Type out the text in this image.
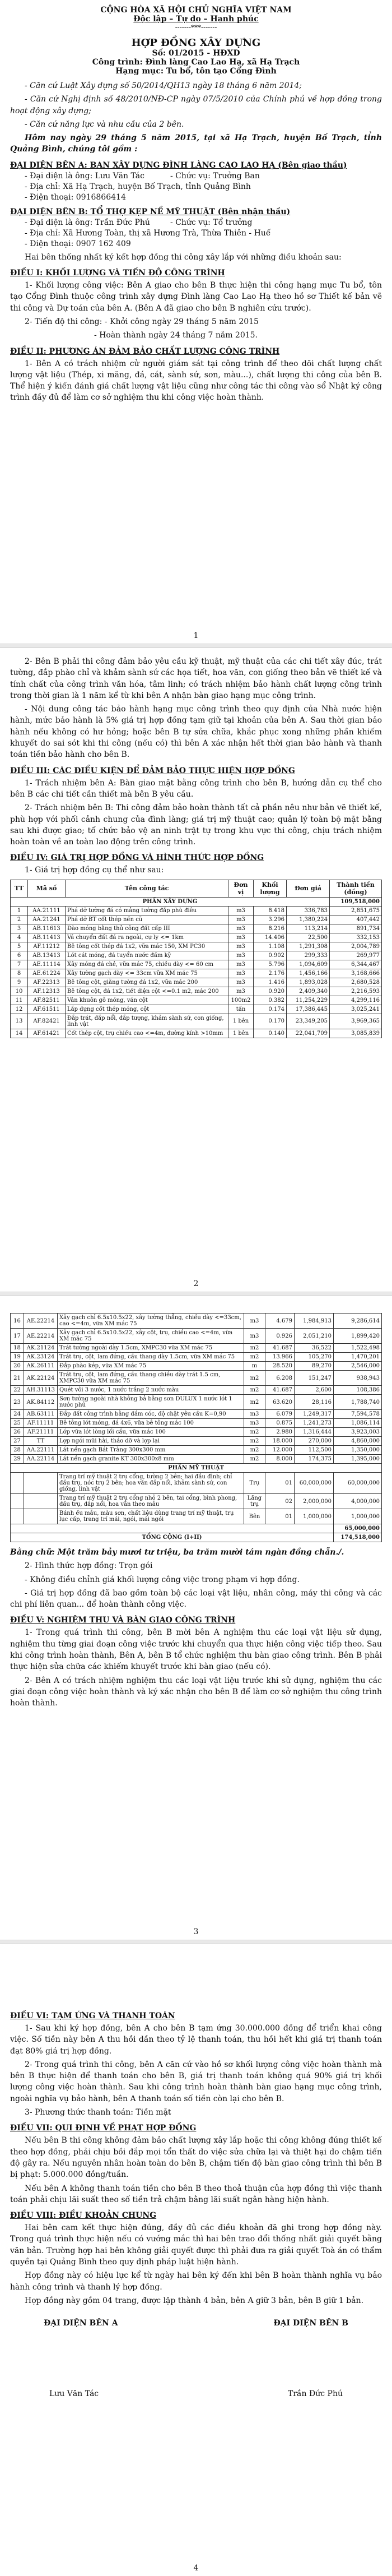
CỘNG HÒA XÃ HỘI CHỦ NGHĨA VIỆT NAM

Độc lập – Tự do – Hạnh phúc

-------***-------

HỢP ĐỒNG XÂY DỰNG

Số: 01/2015 - HĐXD

Công trình: Đình làng Cao Lao Hạ, xã Hạ Trạch

Hạng mục: Tu bổ, tôn tạo Cổng Đình

- Căn cứ Luật Xây dựng số 50/2014/QH13 ngày 18 tháng 6 năm 2014;

- Căn cứ Nghị định số 48/2010/NĐ-CP ngày 07/5/2010 của Chính phủ về hợp đồng trong hoạt động xây dựng;

- Căn cứ năng lực và nhu cầu của 2 bên.

Hôm nay ngày 29 tháng 5 năm 2015, tại xã Hạ Trạch, huyện Bố Trạch, tỉnh Quảng Bình, chúng tôi gồm :

ĐẠI DIỆN BÊN A: BAN XÂY DỰNG ĐÌNH LÀNG CAO LAO HẠ (Bên giao thầu)

- Đại diện là ông: Lưu Văn Tác	- Chức vụ: Trưởng Ban

- Địa chỉ: Xã Hạ Trạch, huyện Bố Trạch, tỉnh Quảng Bình

- Điện thoại: 0916866414

ĐẠI DIỆN BÊN B: TỔ THỢ KẸP NỀ MỸ THUẬT (Bên nhận thầu)

- Đại diện là ông: Trần Đức Phú	- Chức vụ: Tổ trưởng

- Địa chỉ: Xã Hương Toàn, thị xã Hương Trà, Thừa Thiên - Huế

- Điện thoại: 0907 162 409

Hai bên thống nhất ký kết hợp đồng thi công xây lắp với những điều khoản sau:

ĐIỀU I: KHỐI LƯỢNG VÀ TIẾN ĐỘ CÔNG TRÌNH

1- Khối lượng công việc: Bên A giao cho bên B thực hiện thi công hạng mục Tu bổ, tôn tạo Cổng Đình thuộc công trình xây dựng Đình làng Cao Lao Hạ theo hồ sơ Thiết kế bản vẽ thi công và Dự toán của bên A. (Bên A đã giao cho bên B nghiên cứu trước).

2- Tiến độ thi công: - Khởi công ngày 29 tháng 5 năm 2015

- Hoàn thành ngày 24 tháng 7 năm 2015.

ĐIỀU II: PHƯƠNG ÁN ĐẢM BẢO CHẤT LƯỢNG CÔNG TRÌNH

1- Bên A có trách nhiệm cử người giám sát tại công trình để theo dõi chất lượng chất lượng vật liệu (Thép, xi măng, đá, cát, sành sứ, sơn, màu...), chất lượng thi công của bên B. Thể hiện ý kiến đánh giá chất lượng vật liệu cũng như công tác thi công vào sổ Nhật ký công trình đầy đủ để làm cơ sở nghiệm thu khi công việc hoàn thành.

1

2- Bên B phải thi công đảm bảo yêu cầu kỹ thuật, mỹ thuật của các chi tiết xây đúc, trát tường, đắp phào chỉ và khảm sành sứ các họa tiết, hoa văn, con giống theo bản vẽ thiết kế và tính chất của công trình văn hóa, tâm linh; có trách nhiệm bảo hành chất lượng công trình trong thời gian là 1 năm kể từ khi bên A nhận bàn giao hạng mục công trình.

- Nội dung công tác bảo hành hạng mục công trình theo quy định của Nhà nước hiện hành, mức bảo hành là 5% giá trị hợp đồng tạm giữ tại khoản của bên A. Sau thời gian bảo hành nếu không có hư hỏng; hoặc bên B tự sửa chữa, khắc phục xong những phần khiếm khuyết do sai sót khi thi công (nếu có) thì bên A xác nhận hết thời gian bảo hành và thanh toán tiền bảo hành cho bên B.

ĐIỀU III: CÁC ĐIỀU KIỆN ĐỂ ĐẢM BẢO THỰC HIỆN HỢP ĐỒNG

1- Trách nhiệm bên A: Bàn giao mặt bằng công trình cho bên B, hướng dẫn cụ thể cho bên B các chi tiết cần thiết mà bên B yêu cầu.

2- Trách nhiệm bên B: Thi công đảm bảo hoàn thành tất cả phần nêu như bản vẽ thiết kế, phù hợp với phối cảnh chung của đình làng; giá trị mỹ thuật cao; quản lý toàn bộ mặt bằng sau khi được giao; tổ chức bảo vệ an ninh trật tự trong khu vực thi công, chịu trách nhiệm hoàn toàn về an toàn lao động trên công trình.

ĐIỀU IV: GIÁ TRỊ HỢP ĐỒNG VÀ HÌNH THỨC HỢP ĐỒNG

1- Giá trị hợp đồng cụ thể như sau:

TT	Mã số	Tên công tác	Đơn vị	Khối lượng	Đơn giá	Thành tiền (đồng)
PHẦN XÂY DỰNG						109,518,000
1	AA.21111	Phá dỡ tường đá có mảng tường đắp phù điêu	m3	8.418	336,783	2,851,675
2	AA.21241	Phá dỡ BT cốt thép nền cũ	m3	3.296	1,380,224	407,442
3	AB.11613	Đào móng bằng thủ công đất cấp III	m3	8.216	113,214	891,734
4	AB.11413	Vá chuyển đất đá ra ngoài, cự ly <= 1km	m3	14.406	22,500	332,153
5	AF.11212	Bê tông cốt thép đá 1x2, vữa mác 150, XM PC30	m3	1.108	1,291,308	2,004,789
6	AB.13413	Lót cát móng, đá tuyển nước đầm kỹ	m3	0.902	299,333	269,977
7	AE.11114	Xây móng đá chẻ, vữa mác 75, chiều dày <= 60 cm	m3	5.796	1,094,609	6,344,467
8	AE.61224	Xây tường gạch dày <= 33cm vữa XM mác 75	m3	2.176	1,456,166	3,168,666
9	AF.22313	Bê tông cột, giằng tường đá 1x2, vữa mác 200	m3	1.416	1,893,028	2,680,528
10	AF.12313	Bê tông cột, đá 1x2, tiết diện cột <=0.1 m2, mác 200	m3	0.920	2,409,340	2,216,593
11	AF.82511	Ván khuôn gỗ móng, ván cột	100m2	0.382	11,254,229	4,299,116
12	AF.61511	Lắp dựng cốt thép móng, cột	tấn	0.174	17,386,445	3,025,241
13	AF.82421	Đắp trát, đắp nổi, đắp tượng, khảm sành sứ, con giống, linh vật	1 bên	0.170	23,349,205	3,969,365
14	AF.61421	Cốt thép cột, trụ chiều cao <=4m, đường kính >10mm	1 bên	0.140	22,041,709	3,085,839
2
16	AE.22214	Xây gạch chỉ 6.5x10.5x22, xây tường thẳng, chiều dày <=33cm, cao <=4m, vữa XM mác 75	m3	4.679	1,984,913	9,286,614
17	AE.22214	Xây gạch chỉ 6.5x10.5x22, xây cột, trụ, chiều cao <=4m, vữa XM mác 75	m3	0.926	2,051,210	1,899,420
18	AK.21124	Trát tường ngoài dày 1.5cm, XMPC30 vữa XM mác 75	m2	41.687	36,522	1,522,498
19	AK.23124	Trát trụ, cột, lam đứng, cầu thang dày 1.5cm, vữa XM mác 75	m2	13.966	105,270	1,470,201
20	AK.26111	Đắp phào kép, vữa XM mác 75	m	28.520	89,270	2,546,000
21	AK.22124	Trát trụ, cột, lam đứng, cầu thang chiều dày trát 1.5 cm, XMPC30 vữa XM mác 75	m2	6.208	151,247	938,943
22	AH.31113	Quét vôi 3 nước, 1 nước trắng 2 nước màu	m2	41.687	2,600	108,386
23	AK.84112	Sơn tường ngoài nhà không bả bằng sơn DULUX 1 nước lót 1 nước phủ	m2	63.620	28,116	1,788,740
24	AB.63111	Đắp đất công trình bằng đầm cóc, độ chặt yêu cầu K=0,90	m3	6.079	1,249,317	7,594,578
25	AF.11111	Bê tông lót móng, đá 4x6, vữa bê tông mác 100	m3	0.875	1,241,273	1,086,114
26	AF.21111	Lớp vữa lót lòng lối cầu, vữa mác 100	m2	2.980	1,316,444	3,923,003
27	TT	Lợp ngói mũi hài, tháo dỡ và lợp lại	m2	18.000	270,000	4,860,000
28	AA.22111	Lát nền gạch Bát Tràng 300x300 mm	m2	12.000	112,500	1,350,000
29	AA.22114	Lát nền gạch granite KT 300x300x8 mm	m2	8.000	174,375	1,395,000
PHẦN MỸ THUẬT						
		Trang trí mỹ thuật 2 trụ cổng, tường 2 bên; hai đầu đình; chỉ đầu trụ, nóc trụ 2 bên; hoa văn đắp nổi, khảm sành sứ, con giống, linh vật	Trụ	01	60,000,000	60,000,000
		Trang trí mỹ thuật 2 trụ cổng nhỏ 2 bên, tai cổng, bình phong, đầu trụ, đắp nổi, hoa văn theo mẫu	Lăng trụ	02	2,000,000	4,000,000
		Bánh ếu mẫu, màu sơn, chất liệu dùng trang trí mỹ thuật, trụ lục cấp, trang trí mái, ngói, mái ngói	Bên	01	1,000,000	1,000,000
						65,000,000
TỔNG CỘNG (I+II)						174,518,000

Bằng chữ: Một trăm bảy mươi tư triệu, ba trăm mười tám ngàn đồng chẵn./.

2- Hình thức hợp đồng: Trọn gói

- Không điều chỉnh giá khối lượng công việc trong phạm vi hợp đồng.

- Giá trị hợp đồng đã bao gồm toàn bộ các loại vật liệu, nhân công, máy thi công và các chi phí liên quan... để hoàn thành công việc.

ĐIỀU V: NGHIỆM THU VÀ BÀN GIAO CÔNG TRÌNH

1- Trong quá trình thi công, bên B mời bên A nghiệm thu các loại vật liệu sử dụng, nghiệm thu từng giai đoạn công việc trước khi chuyển qua thực hiện công việc tiếp theo. Sau khi công trình hoàn thành, Bên A, bên B tổ chức nghiệm thu bàn giao công trình. Bên B phải thực hiện sửa chữa các khiếm khuyết trước khi bàn giao (nếu có).

2- Bên A có trách nhiệm nghiệm thu các loại vật liệu trước khi sử dụng, nghiệm thu các giai đoạn công việc hoàn thành và ký xác nhận cho bên B để làm cơ sở nghiệm thu công trình hoàn thành.

3

ĐIỀU VI: TẠM ỨNG VÀ THANH TOÁN

1- Sau khi ký hợp đồng, bên A cho bên B tạm ứng 30.000.000 đồng để triển khai công việc. Số tiền này bên A thu hồi dần theo tỷ lệ thanh toán, thu hồi hết khi giá trị thanh toán đạt 80% giá trị hợp đồng.

2- Trong quá trình thi công, bên A căn cứ vào hồ sơ khối lượng công việc hoàn thành mà bên B thực hiện để thanh toán cho bên B, giá trị thanh toán không quá 90% giá trị khối lượng công việc hoàn thành. Sau khi công trình hoàn thành bàn giao hạng mục công trình, ngoài nghĩa vụ bảo hành, bên A thanh toán số tiền còn lại cho bên B.

3- Phương thức thanh toán: Tiền mặt

ĐIỀU VII: QUI ĐỊNH VỀ PHẠT HỢP ĐỒNG

Nếu bên B thi công không đảm bảo chất lượng xây lắp hoặc thi công không đúng thiết kế theo hợp đồng, phải chịu bồi đắp mọi tổn thất do việc sửa chữa lại và thiệt hại do chậm tiến độ gây ra. Nếu nguyên nhân hoàn toàn do bên B, chậm tiến độ bàn giao công trình thì bên B bị phạt: 5.000.000 đồng/tuần.

Nếu bên A không thanh toán tiền cho bên B theo thoả thuận của hợp đồng thì việc thanh toán phải chịu lãi suất theo số tiền trả chậm bằng lãi suất ngân hàng hiện hành.

ĐIỀU VIII: ĐIỀU KHOẢN CHUNG

Hai bên cam kết thực hiện đúng, đầy đủ các điều khoản đã ghi trong hợp đồng này. Trong quá trình thực hiện nếu có vướng mắc thì hai bên trao đổi thống nhất giải quyết bằng văn bản. Trường hợp hai bên không giải quyết được thì phải đưa ra giải quyết Toà án có thẩm quyền tại Quảng Bình theo quy định pháp luật hiện hành.

Hợp đồng này có hiệu lực kể từ ngày hai bên ký đến khi bên B hoàn thành nghĩa vụ bảo hành công trình và thanh lý hợp đồng.

Hợp đồng này gồm 04 trang, được lập thành 4 bản, bên A giữ 3 bản, bên B giữ 1 bản.

ĐẠI DIỆN BÊN A	ĐẠI DIỆN BÊN B
Lưu Văn Tác	Trần Đức Phú
4
